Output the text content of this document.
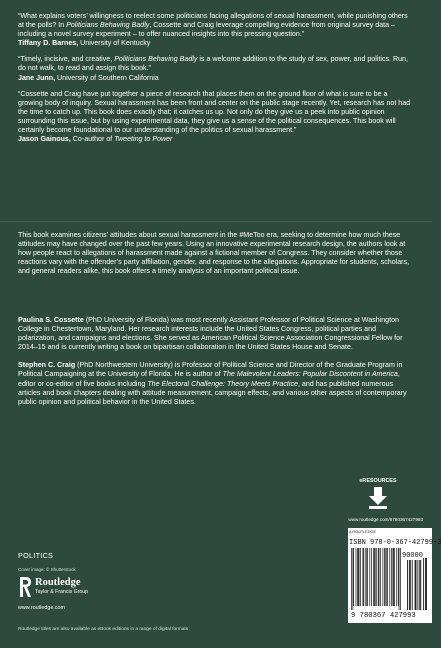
“What explains voters’ willingness to reelect some politicians facing allegations of sexual harassment, while punishing others at the polls? In Politicians Behaving Badly, Cossette and Craig leverage compelling evidence from original survey data – including a novel survey experiment – to offer nuanced insights into this pressing question.”
Tiffany D. Barnes, University of Kentucky
“Timely, incisive, and creative, Politicians Behaving Badly is a welcome addition to the study of sex, power, and politics. Run, do not walk, to read and assign this book.”
Jane Junn, University of Southern California
“Cossette and Craig have put together a piece of research that places them on the ground floor of what is sure to be a growing body of inquiry. Sexual harassment has been front and center on the public stage recently. Yet, research has not had the time to catch up. This book does exactly that; it catches us up. Not only do they give us a peek into public opinion surrounding this issue, but by using experimental data, they give us a sense of the political consequences. This book will certainly become foundational to our understanding of the politics of sexual harassment.”
Jason Gainous, Co-author of Tweeting to Power
This book examines citizens’ attitudes about sexual harassment in the #MeToo era, seeking to determine how much these attitudes may have changed over the past few years. Using an innovative experimental research design, the authors look at how people react to allegations of harassment made against a fictional member of Congress. They consider whether those reactions vary with the offender’s party affiliation, gender, and response to the allegations. Appropriate for students, scholars, and general readers alike, this book offers a timely analysis of an important political issue.
Paulina S. Cossette (PhD University of Florida) was most recently Assistant Professor of Political Science at Washington College in Chestertown, Maryland. Her research interests include the United States Congress, political parties and polarization, and campaigns and elections. She served as American Political Science Association Congressional Fellow for 2014–15 and is currently writing a book on bipartisan collaboration in the United States House and Senate.
Stephen C. Craig (PhD Northwestern University) is Professor of Political Science and Director of the Graduate Program in Political Campaigning at the University of Florida. He is author of The Malevolent Leaders: Popular Discontent in America, editor or co-editor of five books including The Electoral Challenge: Theory Meets Practice, and has published numerous articles and book chapters dealing with attitude measurement, campaign effects, and various other aspects of contemporary public opinion and political behavior in the United States.
POLITICS
Cover image: © Shutterstock
Routledge
Taylor & Francis Group
www.routledge.com
Routledge titles are also available as eBook editions in a range of digital formats
eRESOURCES
www.routledge.com/9780367427993
A ROUTLEDGE
ISBN 978-0-367-42799-3
90000
9 780367 427993
